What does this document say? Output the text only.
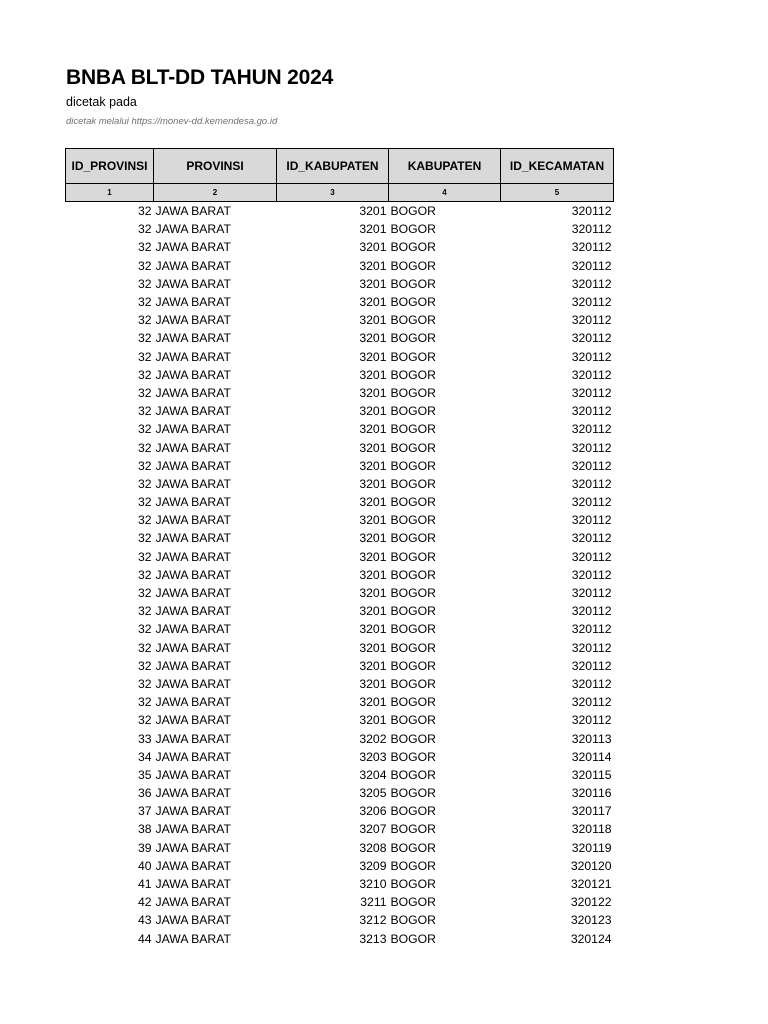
BNBA BLT-DD TAHUN 2024
dicetak pada
dicetak melalui https://monev-dd.kemendesa.go.id
ID_PROVINSI	PROVINSI	ID_KABUPATEN	KABUPATEN	ID_KECAMATAN
1	2	3	4	5
32	JAWA BARAT	3201	BOGOR	320112
32	JAWA BARAT	3201	BOGOR	320112
32	JAWA BARAT	3201	BOGOR	320112
32	JAWA BARAT	3201	BOGOR	320112
32	JAWA BARAT	3201	BOGOR	320112
32	JAWA BARAT	3201	BOGOR	320112
32	JAWA BARAT	3201	BOGOR	320112
32	JAWA BARAT	3201	BOGOR	320112
32	JAWA BARAT	3201	BOGOR	320112
32	JAWA BARAT	3201	BOGOR	320112
32	JAWA BARAT	3201	BOGOR	320112
32	JAWA BARAT	3201	BOGOR	320112
32	JAWA BARAT	3201	BOGOR	320112
32	JAWA BARAT	3201	BOGOR	320112
32	JAWA BARAT	3201	BOGOR	320112
32	JAWA BARAT	3201	BOGOR	320112
32	JAWA BARAT	3201	BOGOR	320112
32	JAWA BARAT	3201	BOGOR	320112
32	JAWA BARAT	3201	BOGOR	320112
32	JAWA BARAT	3201	BOGOR	320112
32	JAWA BARAT	3201	BOGOR	320112
32	JAWA BARAT	3201	BOGOR	320112
32	JAWA BARAT	3201	BOGOR	320112
32	JAWA BARAT	3201	BOGOR	320112
32	JAWA BARAT	3201	BOGOR	320112
32	JAWA BARAT	3201	BOGOR	320112
32	JAWA BARAT	3201	BOGOR	320112
32	JAWA BARAT	3201	BOGOR	320112
32	JAWA BARAT	3201	BOGOR	320112
33	JAWA BARAT	3202	BOGOR	320113
34	JAWA BARAT	3203	BOGOR	320114
35	JAWA BARAT	3204	BOGOR	320115
36	JAWA BARAT	3205	BOGOR	320116
37	JAWA BARAT	3206	BOGOR	320117
38	JAWA BARAT	3207	BOGOR	320118
39	JAWA BARAT	3208	BOGOR	320119
40	JAWA BARAT	3209	BOGOR	320120
41	JAWA BARAT	3210	BOGOR	320121
42	JAWA BARAT	3211	BOGOR	320122
43	JAWA BARAT	3212	BOGOR	320123
44	JAWA BARAT	3213	BOGOR	320124
